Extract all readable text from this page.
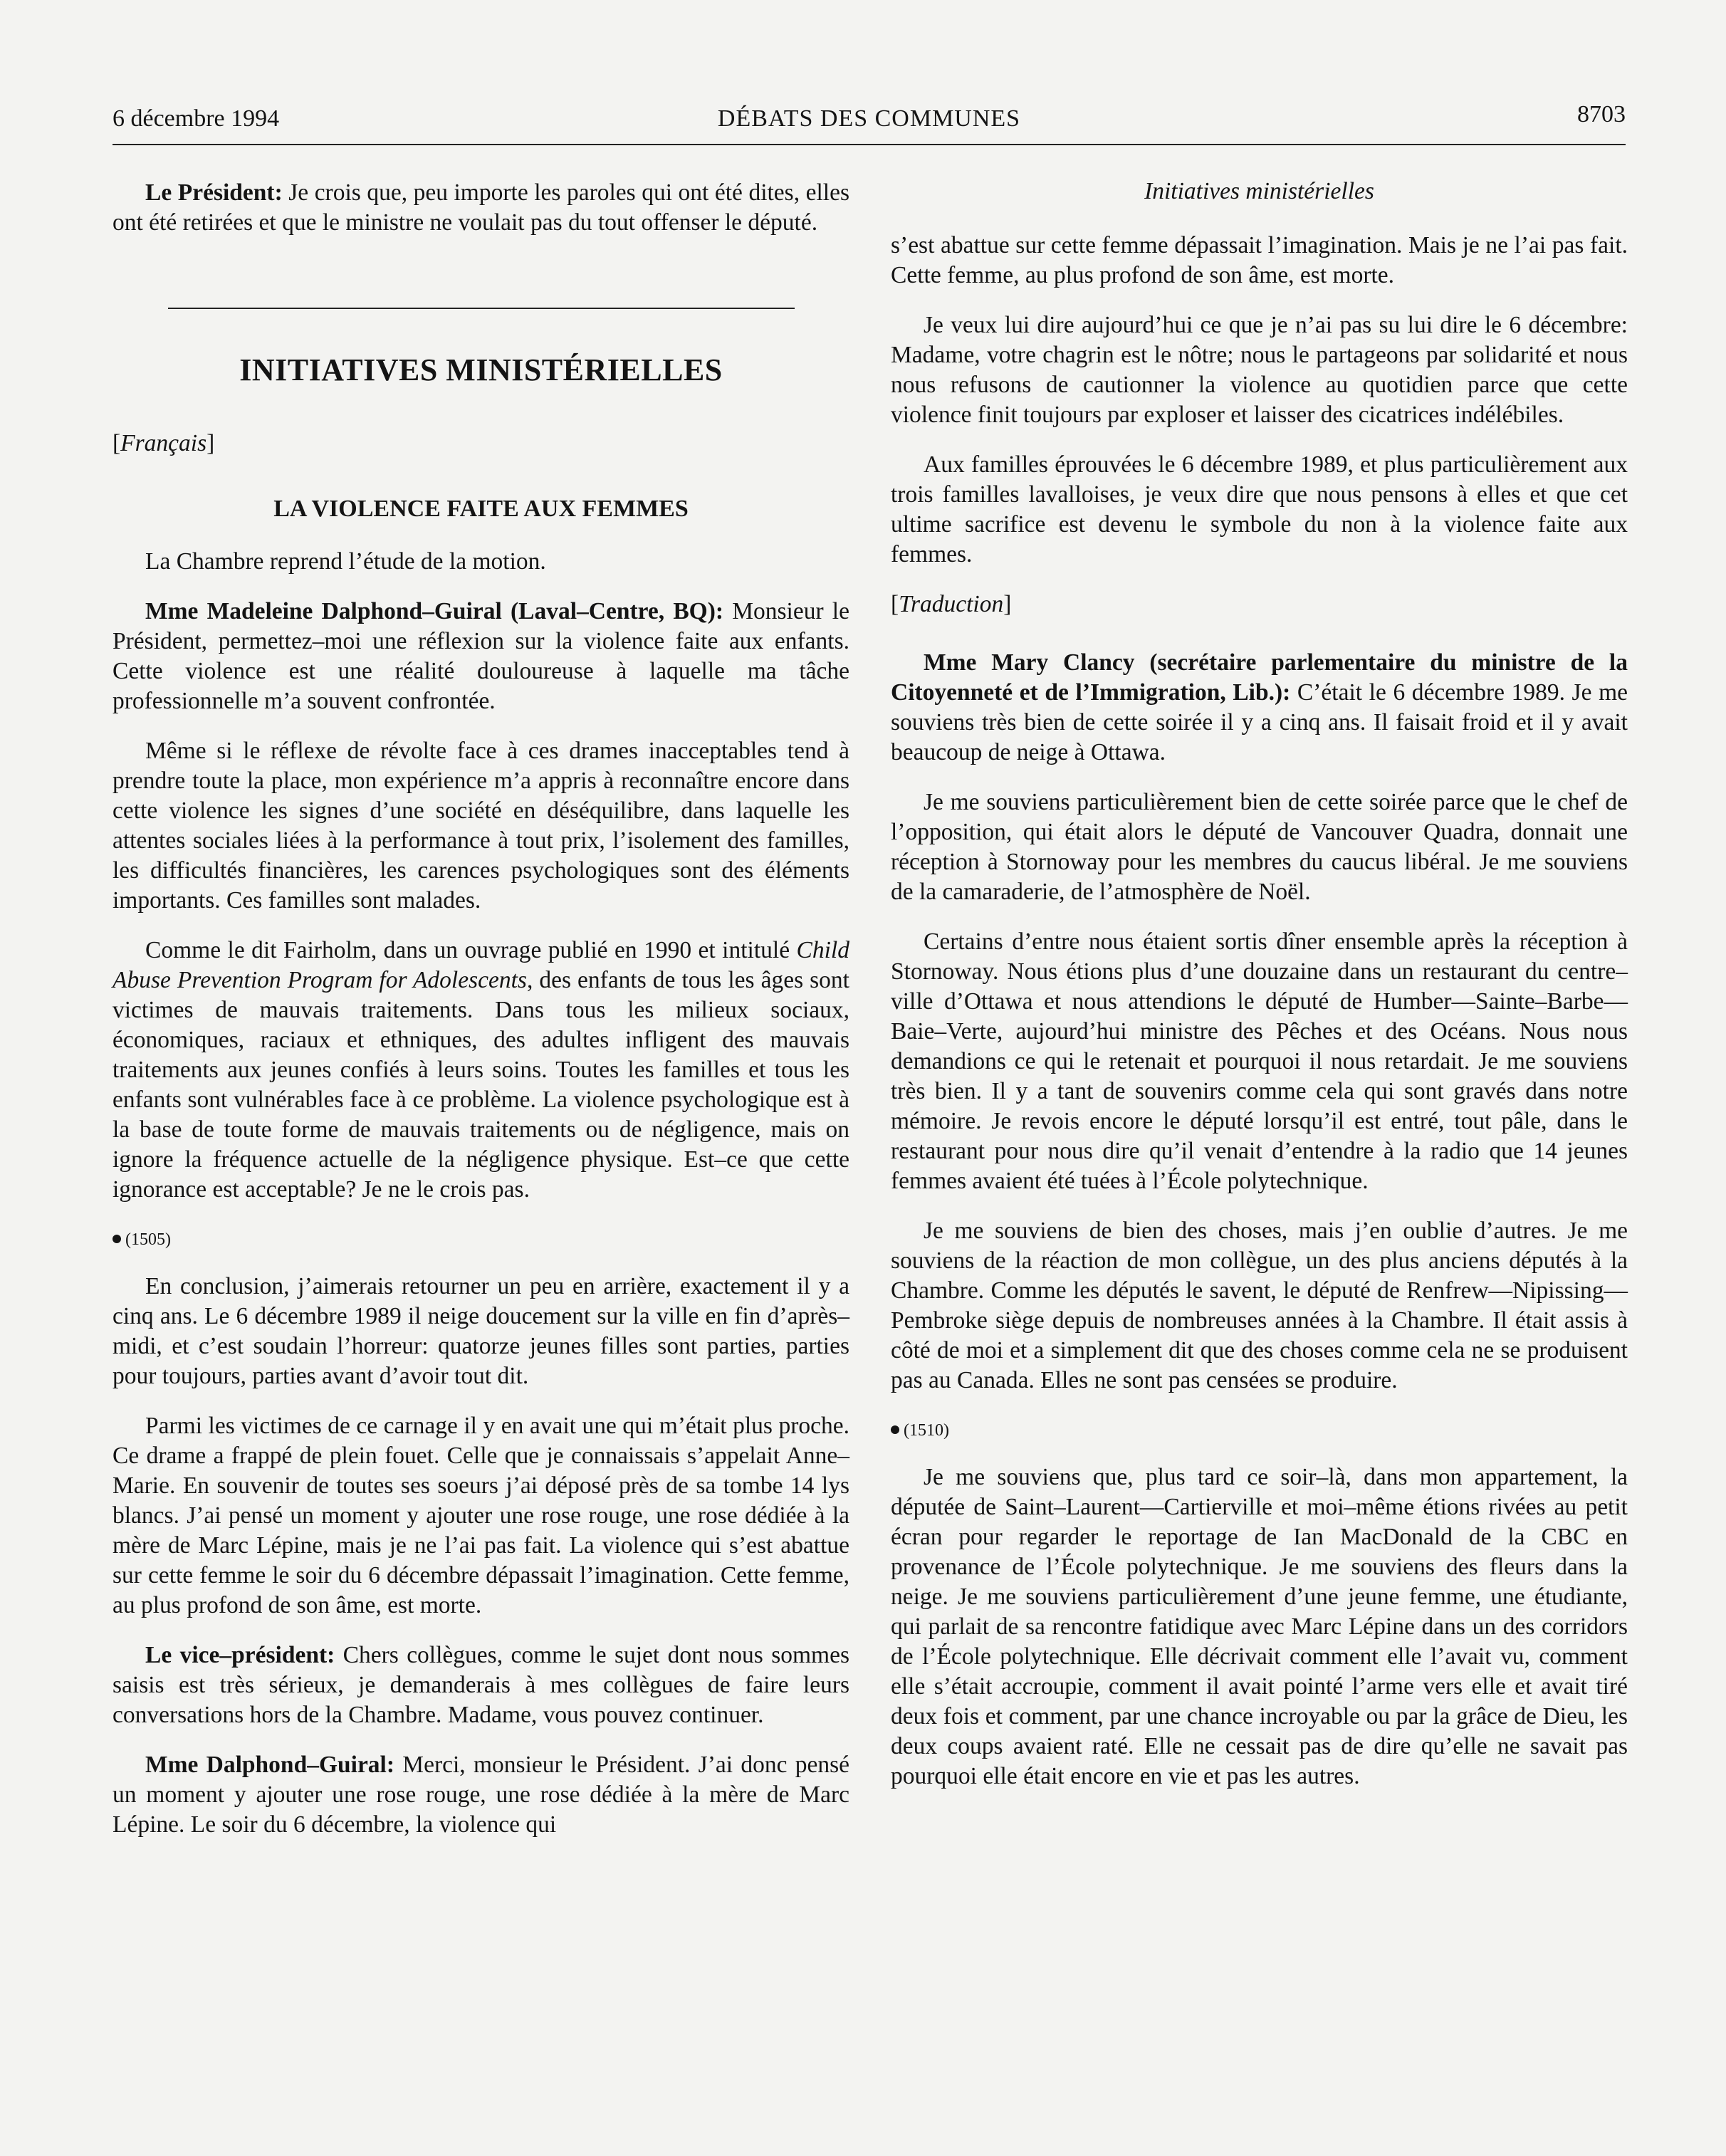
6 décembre 1994	DÉBATS DES COMMUNES	8703

Le Président: Je crois que, peu importe les paroles qui ont été dites, elles ont été retirées et que le ministre ne voulait pas du tout offenser le député.

INITIATIVES MINISTÉRIELLES
[Français]
LA VIOLENCE FAITE AUX FEMMES

La Chambre reprend l’étude de la motion.

Mme Madeleine Dalphond–Guiral (Laval–Centre, BQ): Monsieur le Président, permettez–moi une réflexion sur la violence faite aux enfants. Cette violence est une réalité douloureuse à laquelle ma tâche professionnelle m’a souvent confrontée.

Même si le réflexe de révolte face à ces drames inacceptables tend à prendre toute la place, mon expérience m’a appris à reconnaître encore dans cette violence les signes d’une société en déséquilibre, dans laquelle les attentes sociales liées à la performance à tout prix, l’isolement des familles, les difficultés financières, les carences psychologiques sont des éléments importants. Ces familles sont malades.

Comme le dit Fairholm, dans un ouvrage publié en 1990 et intitulé Child Abuse Prevention Program for Adolescents, des enfants de tous les âges sont victimes de mauvais traitements. Dans tous les milieux sociaux, économiques, raciaux et ethniques, des adultes infligent des mauvais traitements aux jeunes confiés à leurs soins. Toutes les familles et tous les enfants sont vulnérables face à ce problème. La violence psychologique est à la base de toute forme de mauvais traitements ou de négligence, mais on ignore la fréquence actuelle de la négligence physique. Est–ce que cette ignorance est acceptable? Je ne le crois pas.

(1505)

En conclusion, j’aimerais retourner un peu en arrière, exactement il y a cinq ans. Le 6 décembre 1989 il neige doucement sur la ville en fin d’après–midi, et c’est soudain l’horreur: quatorze jeunes filles sont parties, parties pour toujours, parties avant d’avoir tout dit.

Parmi les victimes de ce carnage il y en avait une qui m’était plus proche. Ce drame a frappé de plein fouet. Celle que je connaissais s’appelait Anne–Marie. En souvenir de toutes ses soeurs j’ai déposé près de sa tombe 14 lys blancs. J’ai pensé un moment y ajouter une rose rouge, une rose dédiée à la mère de Marc Lépine, mais je ne l’ai pas fait. La violence qui s’est abattue sur cette femme le soir du 6 décembre dépassait l’imagination. Cette femme, au plus profond de son âme, est morte.

Le vice–président: Chers collègues, comme le sujet dont nous sommes saisis est très sérieux, je demanderais à mes collègues de faire leurs conversations hors de la Chambre. Madame, vous pouvez continuer.

Mme Dalphond–Guiral: Merci, monsieur le Président. J’ai donc pensé un moment y ajouter une rose rouge, une rose dédiée à la mère de Marc Lépine. Le soir du 6 décembre, la violence qui

Initiatives ministérielles

s’est abattue sur cette femme dépassait l’imagination. Mais je ne l’ai pas fait. Cette femme, au plus profond de son âme, est morte.

Je veux lui dire aujourd’hui ce que je n’ai pas su lui dire le 6 décembre: Madame, votre chagrin est le nôtre; nous le partageons par solidarité et nous nous refusons de cautionner la violence au quotidien parce que cette violence finit toujours par exploser et laisser des cicatrices indélébiles.

Aux familles éprouvées le 6 décembre 1989, et plus particulièrement aux trois familles lavalloises, je veux dire que nous pensons à elles et que cet ultime sacrifice est devenu le symbole du non à la violence faite aux femmes.

[Traduction]

Mme Mary Clancy (secrétaire parlementaire du ministre de la Citoyenneté et de l’Immigration, Lib.): C’était le 6 décembre 1989. Je me souviens très bien de cette soirée il y a cinq ans. Il faisait froid et il y avait beaucoup de neige à Ottawa.

Je me souviens particulièrement bien de cette soirée parce que le chef de l’opposition, qui était alors le député de Vancouver Quadra, donnait une réception à Stornoway pour les membres du caucus libéral. Je me souviens de la camaraderie, de l’atmosphère de Noël.

Certains d’entre nous étaient sortis dîner ensemble après la réception à Stornoway. Nous étions plus d’une douzaine dans un restaurant du centre–ville d’Ottawa et nous attendions le député de Humber—Sainte–Barbe—Baie–Verte, aujourd’hui ministre des Pêches et des Océans. Nous nous demandions ce qui le retenait et pourquoi il nous retardait. Je me souviens très bien. Il y a tant de souvenirs comme cela qui sont gravés dans notre mémoire. Je revois encore le député lorsqu’il est entré, tout pâle, dans le restaurant pour nous dire qu’il venait d’entendre à la radio que 14 jeunes femmes avaient été tuées à l’École polytechnique.

Je me souviens de bien des choses, mais j’en oublie d’autres. Je me souviens de la réaction de mon collègue, un des plus anciens députés à la Chambre. Comme les députés le savent, le député de Renfrew—Nipissing—Pembroke siège depuis de nombreuses années à la Chambre. Il était assis à côté de moi et a simplement dit que des choses comme cela ne se produisent pas au Canada. Elles ne sont pas censées se produire.

(1510)

Je me souviens que, plus tard ce soir–là, dans mon appartement, la députée de Saint–Laurent—Cartierville et moi–même étions rivées au petit écran pour regarder le reportage de Ian MacDonald de la CBC en provenance de l’École polytechnique. Je me souviens des fleurs dans la neige. Je me souviens particulièrement d’une jeune femme, une étudiante, qui parlait de sa rencontre fatidique avec Marc Lépine dans un des corridors de l’École polytechnique. Elle décrivait comment elle l’avait vu, comment elle s’était accroupie, comment il avait pointé l’arme vers elle et avait tiré deux fois et comment, par une chance incroyable ou par la grâce de Dieu, les deux coups avaient raté. Elle ne cessait pas de dire qu’elle ne savait pas pourquoi elle était encore en vie et pas les autres.
